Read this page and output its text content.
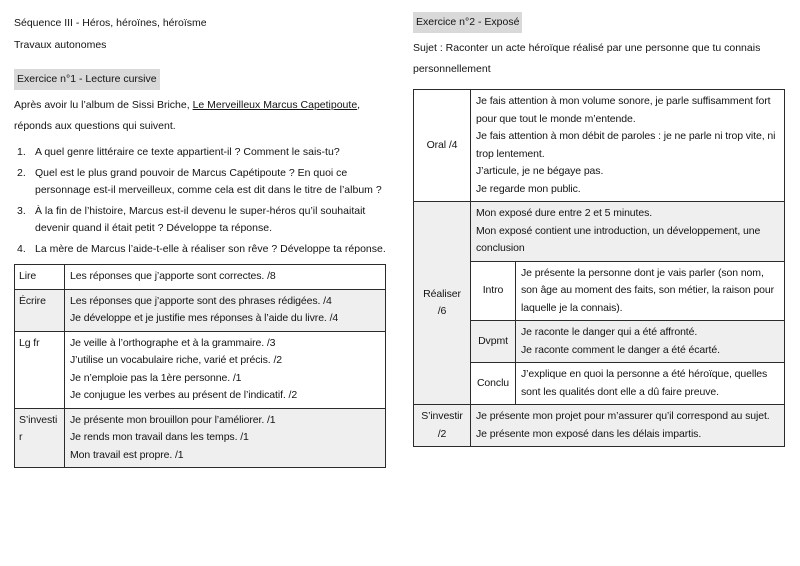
Séquence III - Héros, héroïnes, héroïsme
Travaux autonomes
Exercice n°1 - Lecture cursive
Après avoir lu l’album de Sissi Briche, Le Merveilleux Marcus Capetipoute, réponds aux questions qui suivent.
1. A quel genre littéraire ce texte appartient-il ? Comment le sais-tu?
2. Quel est le plus grand pouvoir de Marcus Capétipoute ? En quoi ce personnage est-il merveilleux, comme cela est dit dans le titre de l’album ?
3. À la fin de l’histoire, Marcus est-il devenu le super-héros qu’il souhaitait devenir quand il était petit ? Développe ta réponse.
4. La mère de Marcus l’aide-t-elle à réaliser son rêve ? Développe ta réponse.
Lire	Les réponses que j’apporte sont correctes. /8

Écrire	Les réponses que j’apporte sont des phrases rédigées. /4
Je développe et je justifie mes réponses à l’aide du livre. /4

Lg fr	Je veille à l’orthographe et à la grammaire. /3
J’utilise un vocabulaire riche, varié et précis. /2
Je n’emploie pas la 1ère personne. /1
Je conjugue les verbes au présent de l’indicatif. /2

S’investir	Je présente mon brouillon pour l’améliorer. /1
Je rends mon travail dans les temps. /1
Mon travail est propre. /1
Exercice n°2 - Exposé
Sujet : Raconter un acte héroïque réalisé par une personne que tu connais personnellement
Oral /4	Je fais attention à mon volume sonore, je parle suffisamment fort pour que tout le monde m’entende.
Je fais attention à mon débit de paroles : je ne parle ni trop vite, ni trop lentement.
J’articule, je ne bégaye pas.
Je regarde mon public.	

Réaliser
/6	Mon exposé dure entre 2 et 5 minutes.
Mon exposé contient une introduction, un développement, une conclusion	

	Intro	Je présente la personne dont je vais parler (son nom, son âge au moment des faits, son métier, la raison pour laquelle je la connais).

	Dvpmt	Je raconte le danger qui a été affronté.
Je raconte comment le danger a été écarté.

	Conclu	J’explique en quoi la personne a été héroïque, quelles sont les qualités dont elle a dû faire preuve.

S’investir
/2	Je présente mon projet pour m’assurer qu’il correspond au sujet.
Je présente mon exposé dans les délais impartis.	
